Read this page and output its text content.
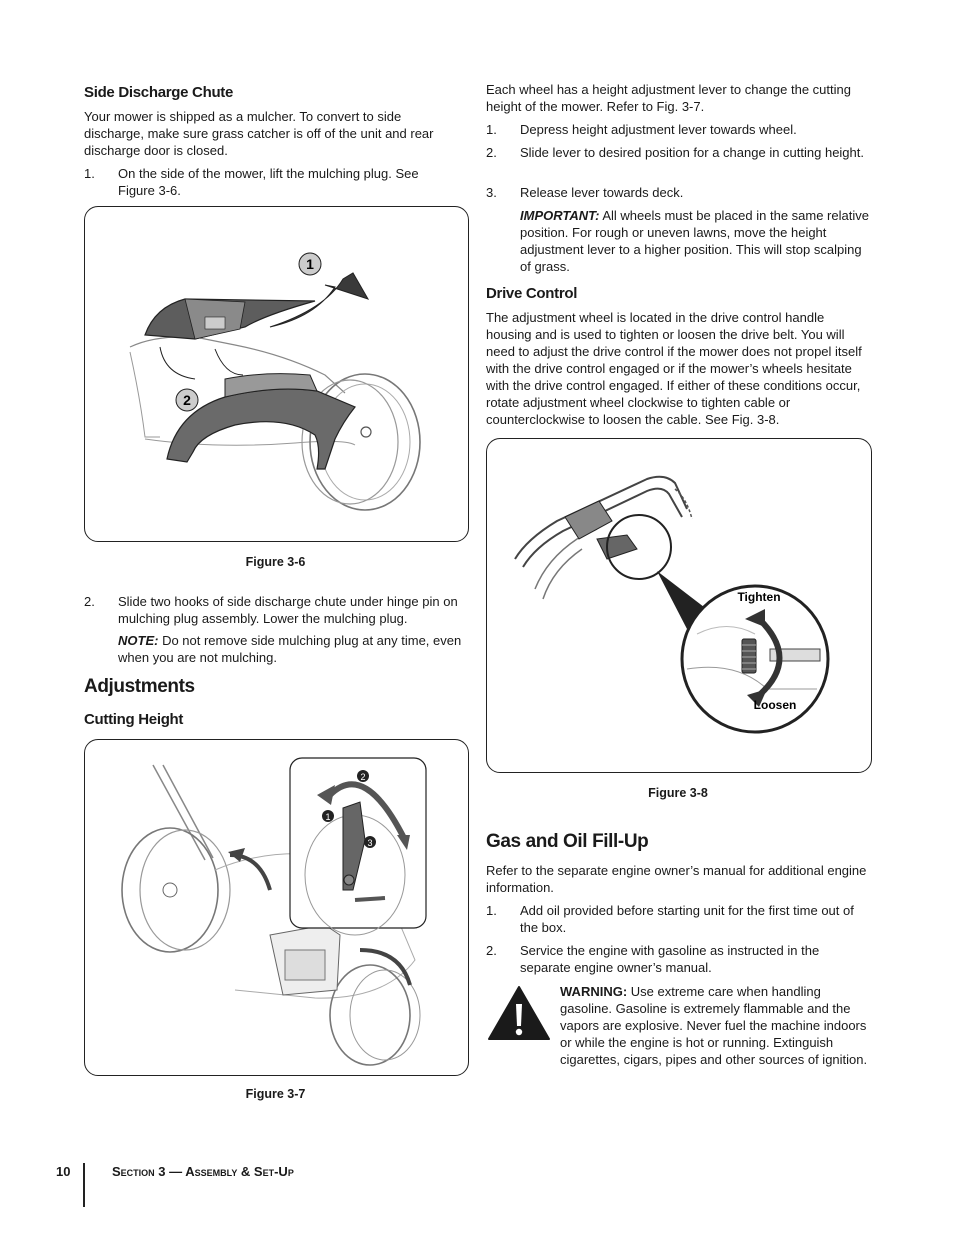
Side Discharge Chute

Your mower is shipped as a mulcher. To convert to side discharge, make sure grass catcher is off of the unit and rear discharge door is closed.

1. On the side of the mower, lift the mulching plug. See Figure 3-6.
1
2
Figure 3-6
2. Slide two hooks of side discharge chute under hinge pin on mulching plug assembly. Lower the mulching plug.
NOTE: Do not remove side mulching plug at any time, even when you are not mulching.
Adjustments
Cutting Height
2
1
3
Figure 3-7

Each wheel has a height adjustment lever to change the cutting height of the mower. Refer to Fig. 3-7.

1. Depress height adjustment lever towards wheel.
2. Slide lever to desired position for a change in cutting height.
3. Release lever towards deck.
IMPORTANT: All wheels must be placed in the same relative position. For rough or uneven lawns, move the height adjustment lever to a higher position. This will stop scalping of grass.
Drive Control

The adjustment wheel is located in the drive control handle housing and is used to tighten or loosen the drive belt. You will need to adjust the drive control if the mower does not propel itself with the drive control engaged or if the mower’s wheels hesitate with the drive control engaged. If either of these conditions occur, rotate adjustment wheel clockwise to tighten cable or counterclockwise to loosen the cable. See Fig. 3-8.

Tighten
Loosen
Figure 3-8
Gas and Oil Fill-Up

Refer to the separate engine owner’s manual for additional engine information.

1. Add oil provided before starting unit for the first time out of the box.
2. Service the engine with gasoline as instructed in the separate engine owner’s manual.
WARNING: Use extreme care when handling gasoline. Gasoline is extremely flammable and the vapors are explosive. Never fuel the machine indoors or while the engine is hot or running. Extinguish cigarettes, cigars, pipes and other sources of ignition.
10	Section 3 — Assembly & Set-Up
